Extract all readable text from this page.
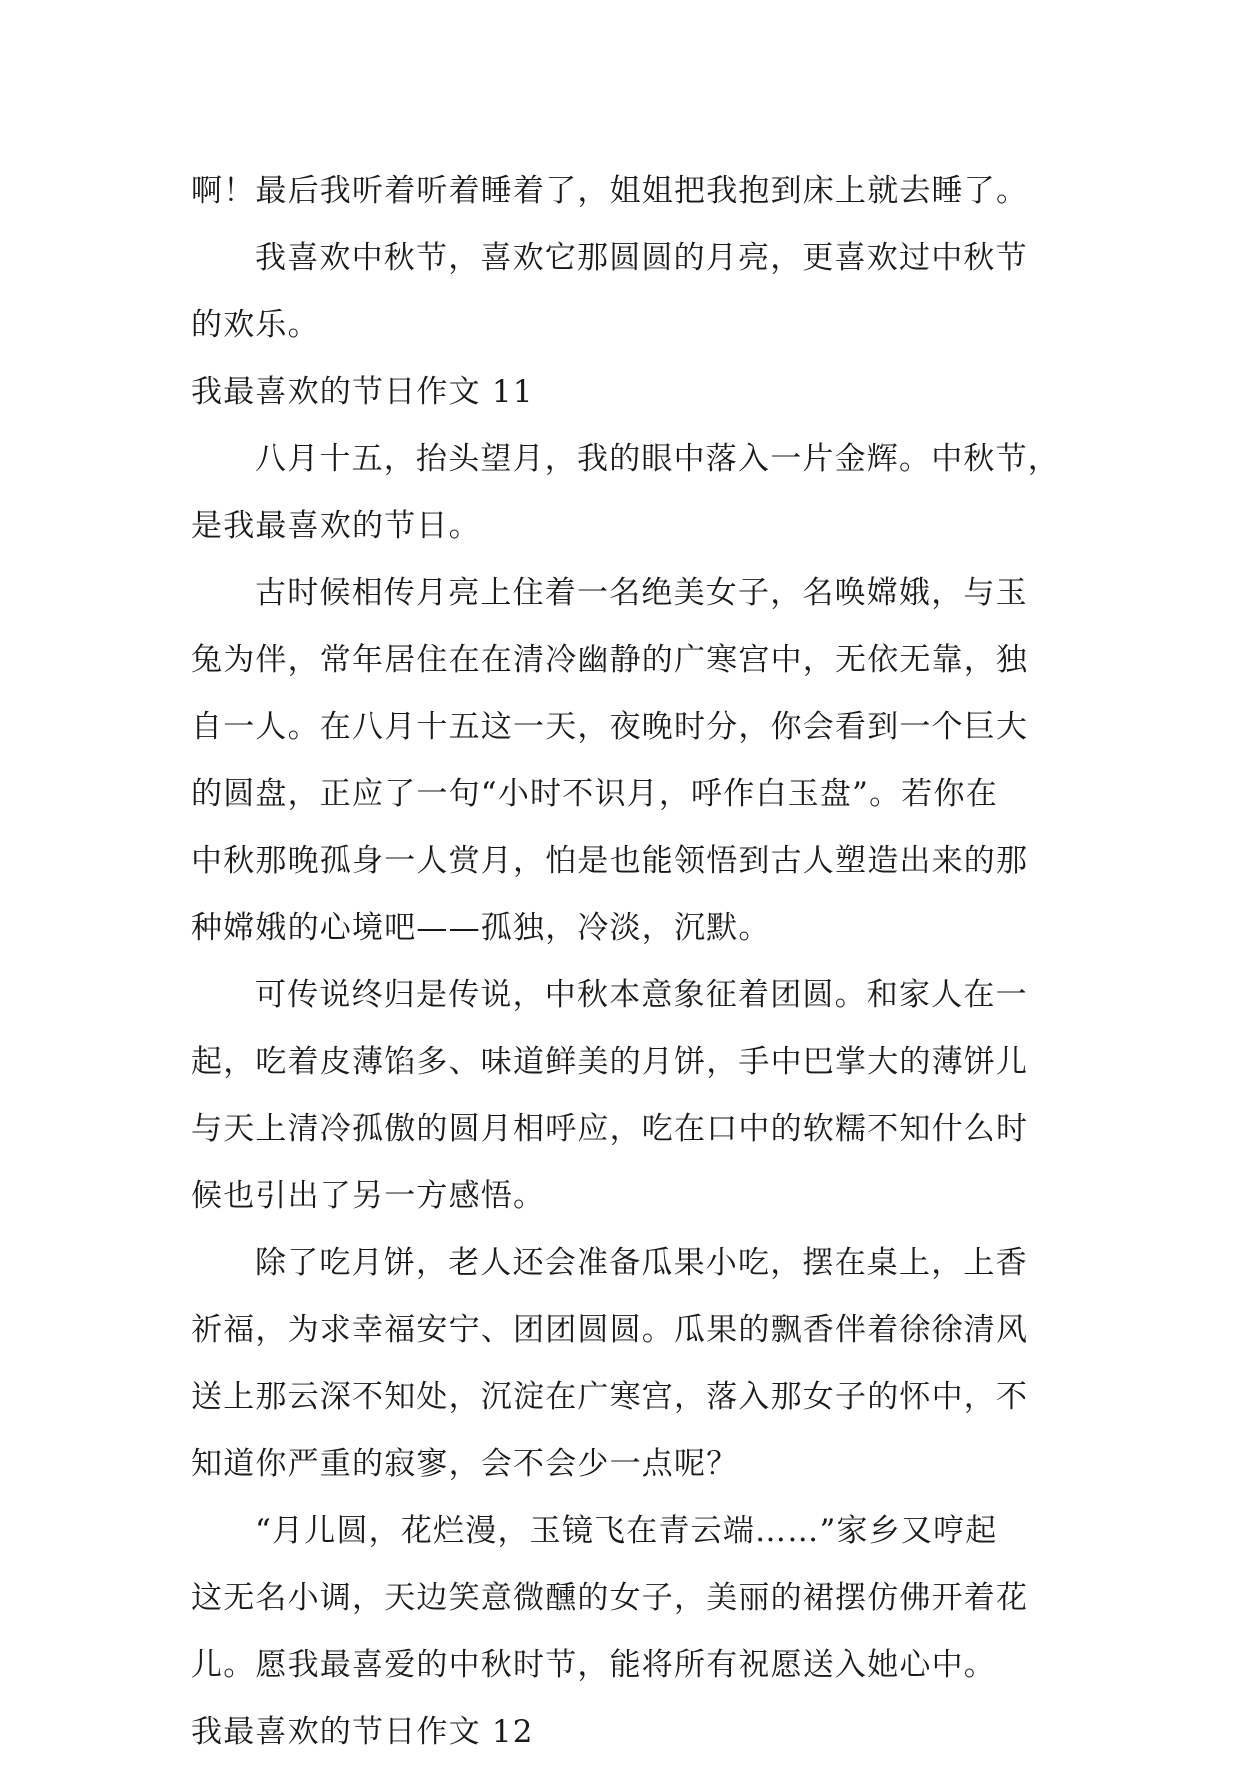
啊！最后我听着听着睡着了，姐姐把我抱到床上就去睡了。
我喜欢中秋节，喜欢它那圆圆的月亮，更喜欢过中秋节
的欢乐。
我最喜欢的节日作文 11
八月十五，抬头望月，我的眼中落入一片金辉。中秋节，
是我最喜欢的节日。
古时候相传月亮上住着一名绝美女子，名唤嫦娥，与玉
兔为伴，常年居住在在清冷幽静的广寒宫中，无依无靠，独
自一人。在八月十五这一天，夜晚时分，你会看到一个巨大
的圆盘，正应了一句“小时不识月，呼作白玉盘”。若你在
中秋那晚孤身一人赏月，怕是也能领悟到古人塑造出来的那
种嫦娥的心境吧——孤独，冷淡，沉默。
可传说终归是传说，中秋本意象征着团圆。和家人在一
起，吃着皮薄馅多、味道鲜美的月饼，手中巴掌大的薄饼儿
与天上清冷孤傲的圆月相呼应，吃在口中的软糯不知什么时
候也引出了另一方感悟。
除了吃月饼，老人还会准备瓜果小吃，摆在桌上，上香
祈福，为求幸福安宁、团团圆圆。瓜果的飘香伴着徐徐清风
送上那云深不知处，沉淀在广寒宫，落入那女子的怀中，不
知道你严重的寂寥，会不会少一点呢？
“月儿圆，花烂漫，玉镜飞在青云端……”家乡又哼起
这无名小调，天边笑意微醺的女子，美丽的裙摆仿佛开着花
儿。愿我最喜爱的中秋时节，能将所有祝愿送入她心中。
我最喜欢的节日作文 12
